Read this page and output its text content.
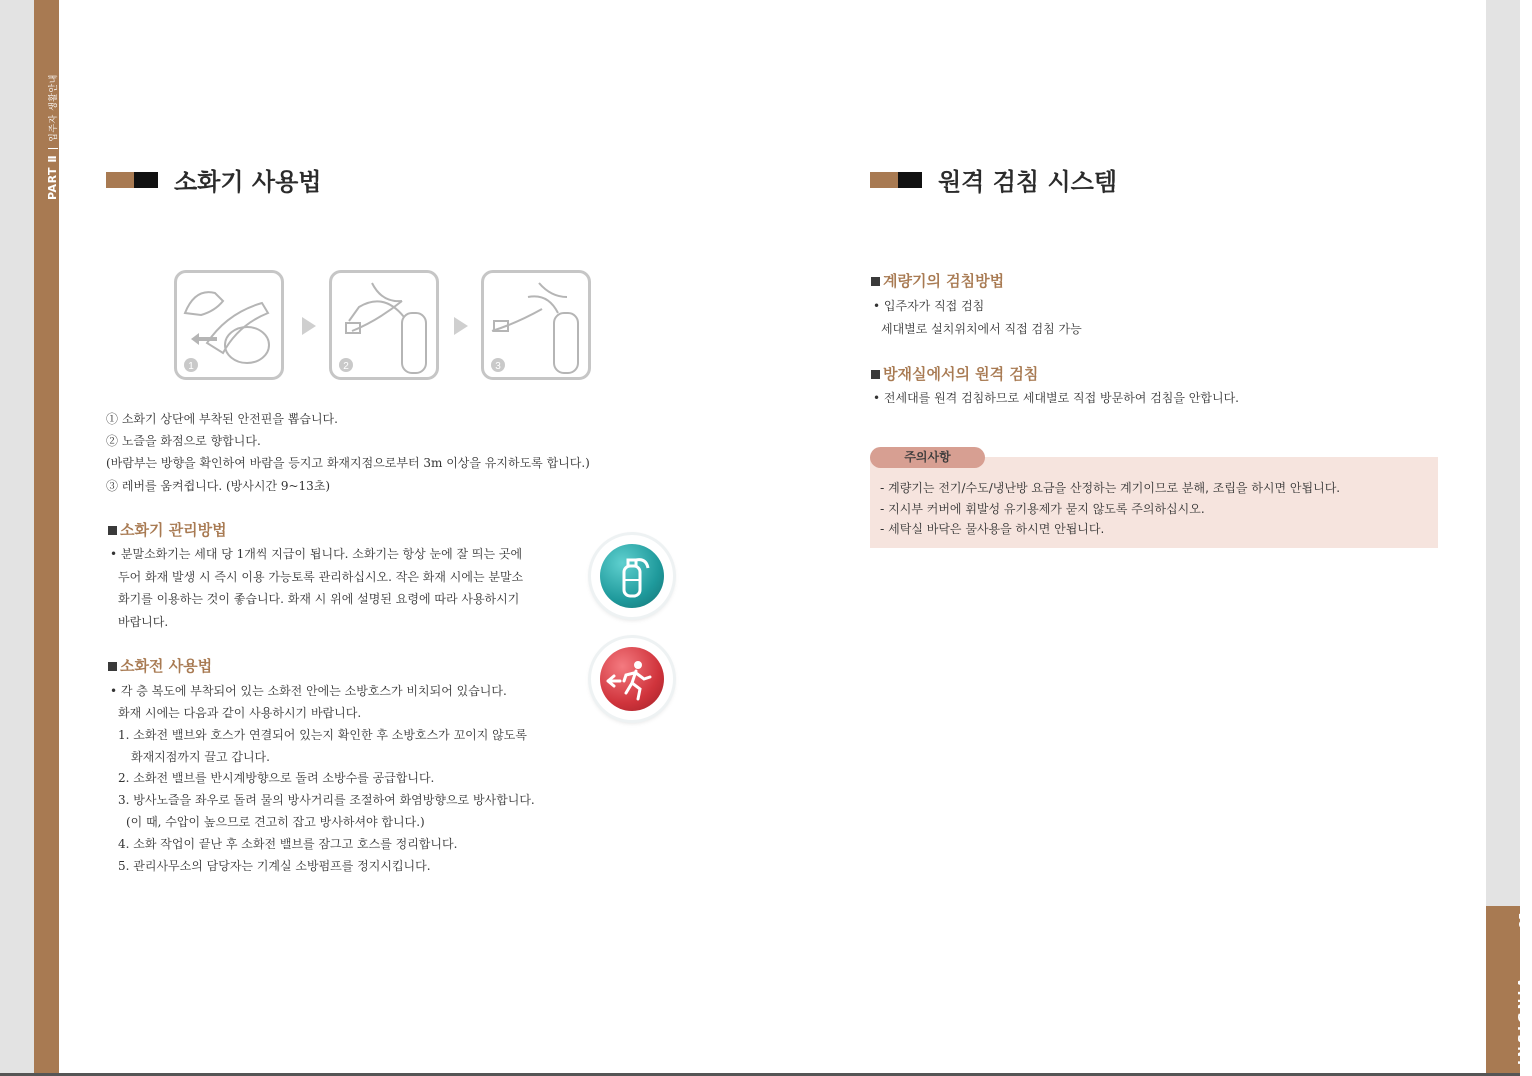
PART Ⅱ입주자 생활안내
INSIGNIABANPO25
소화기 사용법
1	2	3
① 소화기 상단에 부착된 안전핀을 뽑습니다.
② 노즐을 화점으로 향합니다.
(바람부는 방향을 확인하여 바람을 등지고 화재지점으로부터 3m 이상을 유지하도록 합니다.)
③ 레버를 움켜쥡니다. (방사시간 9~13초)
소화기 관리방법
• 분말소화기는 세대 당 1개씩 지급이 됩니다. 소화기는 항상 눈에 잘 띄는 곳에
두어 화재 발생 시 즉시 이용 가능토록 관리하십시오. 작은 화재 시에는 분말소
화기를 이용하는 것이 좋습니다. 화재 시 위에 설명된 요령에 따라 사용하시기
바랍니다.
소화전 사용법
• 각 층 복도에 부착되어 있는 소화전 안에는 소방호스가 비치되어 있습니다.
화재 시에는 다음과 같이 사용하시기 바랍니다.
1. 소화전 밸브와 호스가 연결되어 있는지 확인한 후 소방호스가 꼬이지 않도록
화재지점까지 끌고 갑니다.
2. 소화전 밸브를 반시계방향으로 돌려 소방수를 공급합니다.
3. 방사노즐을 좌우로 돌려 물의 방사거리를 조절하여 화염방향으로 방사합니다.
(이 때, 수압이 높으므로 견고히 잡고 방사하셔야 합니다.)
4. 소화 작업이 끝난 후 소화전 밸브를 잠그고 호스를 정리합니다.
5. 관리사무소의 담당자는 기계실 소방펌프를 정지시킵니다.
원격 검침 시스템
계량기의 검침방법
• 입주자가 직접 검침
세대별로 설치위치에서 직접 검침 가능
방재실에서의 원격 검침
• 전세대를 원격 검침하므로 세대별로 직접 방문하여 검침을 안합니다.
주의사항
- 계량기는 전기/수도/냉난방 요금을 산정하는 계기이므로 분해, 조립을 하시면 안됩니다.
- 지시부 커버에 휘발성 유기용제가 묻지 않도록 주의하십시오.
- 세탁실 바닥은 물사용을 하시면 안됩니다.
